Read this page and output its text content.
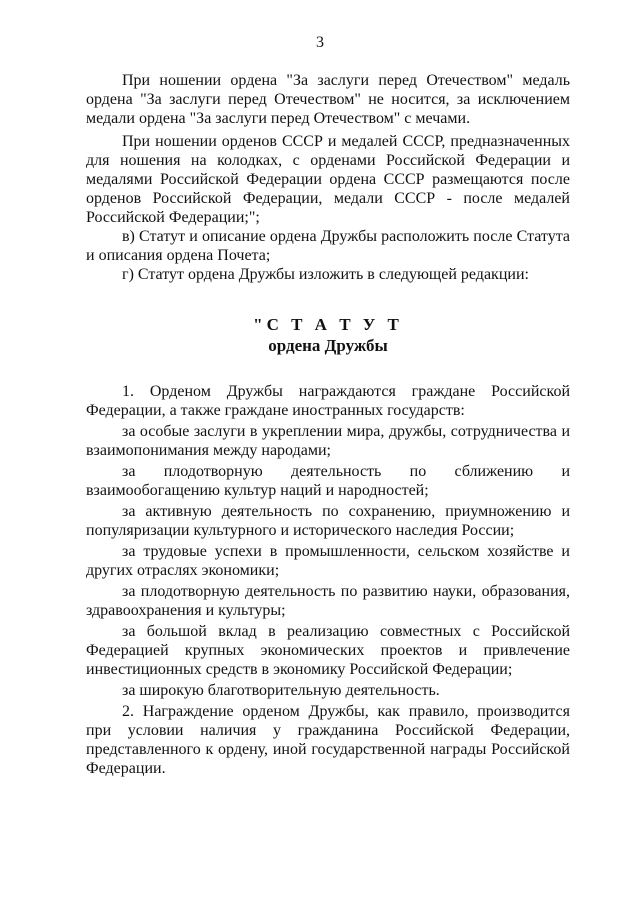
3

При ношении ордена "За заслуги перед Отечеством" медаль ордена "За заслуги перед Отечеством" не носится, за исключением медали ордена "За заслуги перед Отечеством" с мечами.

При ношении орденов СССР и медалей СССР, предназначенных для ношения на колодках, с орденами Российской Федерации и медалями Российской Федерации ордена СССР размещаются после орденов Российской Федерации, медали СССР - после медалей Российской Федерации;";

в) Статут и описание ордена Дружбы расположить после Статута и описания ордена Почета;

г) Статут ордена Дружбы изложить в следующей редакции:

"С Т А Т У Т
ордена Дружбы

1. Орденом Дружбы награждаются граждане Российской Федерации, а также граждане иностранных государств:

за особые заслуги в укреплении мира, дружбы, сотрудничества и взаимопонимания между народами;

за плодотворную деятельность по сближению и взаимообогащению культур наций и народностей;

за активную деятельность по сохранению, приумножению и популяризации культурного и исторического наследия России;

за трудовые успехи в промышленности, сельском хозяйстве и других отраслях экономики;

за плодотворную деятельность по развитию науки, образования, здравоохранения и культуры;

за большой вклад в реализацию совместных с Российской Федерацией крупных экономических проектов и привлечение инвестиционных средств в экономику Российской Федерации;

за широкую благотворительную деятельность.

2. Награждение орденом Дружбы, как правило, производится при условии наличия у гражданина Российской Федерации, представленного к ордену, иной государственной награды Российской Федерации.
